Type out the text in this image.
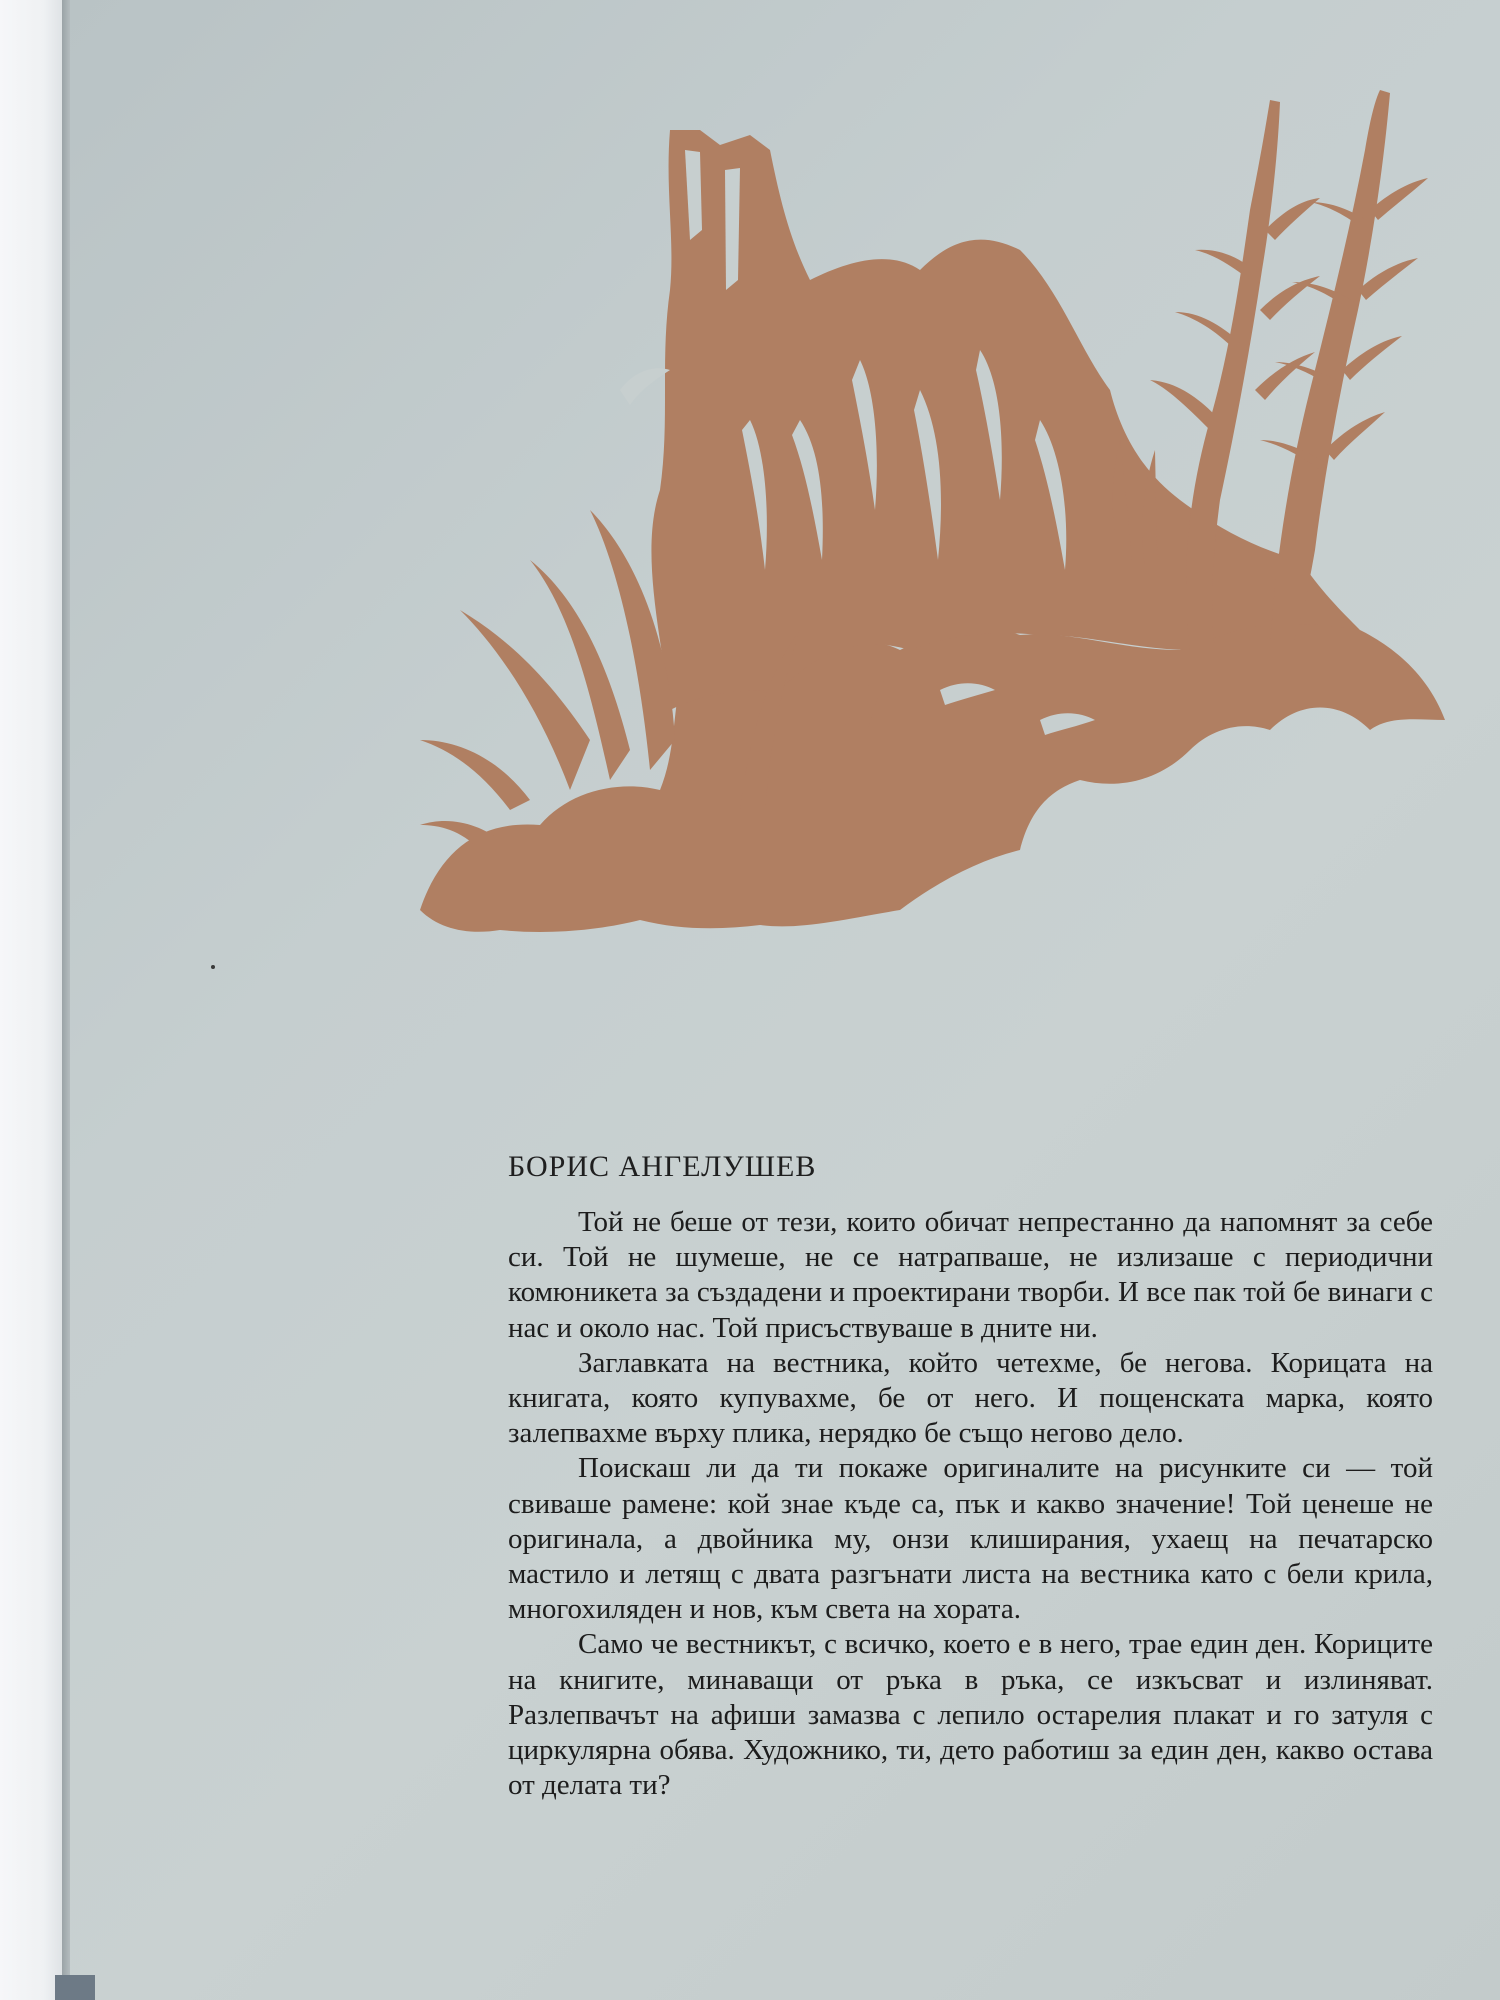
БОРИС АНГЕЛУШЕВ

Той не беше от тези, които обичат непрестанно да напомнят за себе си. Той не шумеше, не се натрапваше, не излизаше с периодични комюникета за създадени и проектирани творби. И все пак той бе винаги с нас и около нас. Той присъствуваше в дните ни.

Заглавката на вестника, който четехме, бе негова. Корицата на книгата, която купувахме, бе от него. И пощенската марка, която залепвахме върху плика, нерядко бе също негово дело.

Поискаш ли да ти покаже оригиналите на рисунките си — той свиваше рамене: кой знае къде са, пък и какво значение! Той ценеше не оригинала, а двойника му, онзи клиширания, ухаещ на печатарско мастило и летящ с двата разгънати листа на вестника като с бели крила, многохиляден и нов, към света на хората.

Само че вестникът, с всичко, което е в него, трае един ден. Кориците на книгите, минаващи от ръка в ръка, се изкъсват и излиняват. Разлепвачът на афиши замазва с лепило остарелия плакат и го затуля с циркулярна обява. Художнико, ти, дето работиш за един ден, какво остава от делата ти?
